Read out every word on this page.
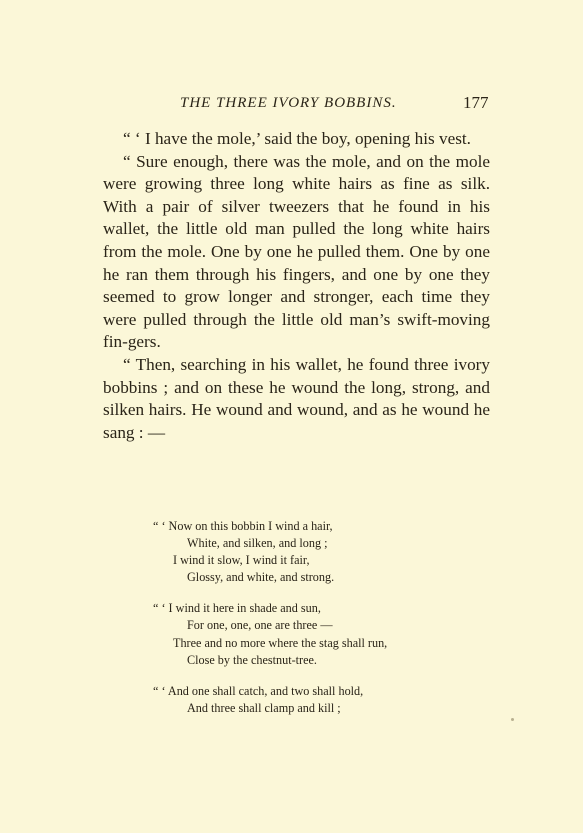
THE THREE IVORY BOBBINS.	177

“ ‘ I have the mole,’ said the boy, opening his vest.

“ Sure enough, there was the mole, and on the mole were growing three long white hairs as fine as silk. With a pair of silver tweezers that he found in his wallet, the little old man pulled the long white hairs from the mole. One by one he pulled them. One by one he ran them through his fingers, and one by one they seemed to grow longer and stronger, each time they were pulled through the little old man’s swift-moving fin-gers.

“ Then, searching in his wallet, he found three ivory bobbins ; and on these he wound the long, strong, and silken hairs. He wound and wound, and as he wound he sang : —

“ ‘ Now on this bobbin I wind a hair,
White, and silken, and long ;
I wind it slow, I wind it fair,
Glossy, and white, and strong.
“ ‘ I wind it here in shade and sun,
For one, one, one are three —
Three and no more where the stag shall run,
Close by the chestnut-tree.
“ ‘ And one shall catch, and two shall hold,
And three shall clamp and kill ;
